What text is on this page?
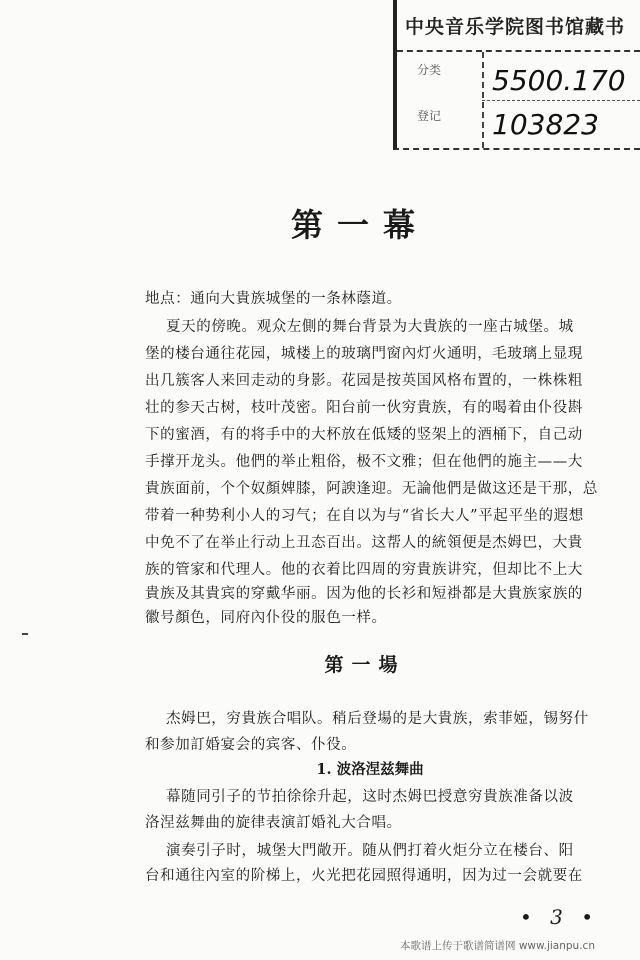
中央音乐学院图书馆藏书
分类
登记
5500.170
103823
第一幕
地点：通向大貴族城堡的一条林蔭道。
夏天的傍晚。观众左側的舞台背景为大貴族的一座古城堡。城
堡的楼台通往花园，城楼上的玻璃門窗內灯火通明，毛玻璃上显現
出几簇客人来回走动的身影。花园是按英国风格布置的，一株株粗
壮的参天古树，枝叶茂密。阳台前一伙穷貴族，有的喝着由仆役斟
下的蜜酒，有的将手中的大杯放在低矮的竖架上的酒桶下，自己动
手撑开龙头。他們的举止粗俗，极不文雅；但在他們的施主——大
貴族面前，个个奴顏婢膝，阿諛逢迎。无論他們是做这还是干那，总
带着一种势利小人的习气；在自以为与“省长大人”平起平坐的遐想
中免不了在举止行动上丑态百出。这帮人的統領便是杰姆巴，大貴
族的管家和代理人。他的衣着比四周的穷貴族讲究，但却比不上大
貴族及其貴宾的穿戴华丽。因为他的长衫和短褂都是大貴族家族的
徽号顏色，同府內仆役的服色一样。
第一場
杰姆巴，穷貴族合唱队。稍后登場的是大貴族，索菲婭，锡努什
和参加訂婚宴会的宾客、仆役。
1. 波洛涅兹舞曲
幕随同引子的节拍徐徐升起，这时杰姆巴授意穷貴族准备以波
洛涅兹舞曲的旋律表演訂婚礼大合唱。
演奏引子时，城堡大門敞开。随从們打着火炬分立在楼台、阳
台和通往內室的阶梯上，火光把花园照得通明，因为过一会就要在
• 3 •
本歌谱上传于歌谱简谱网 www.jianpu.cn
